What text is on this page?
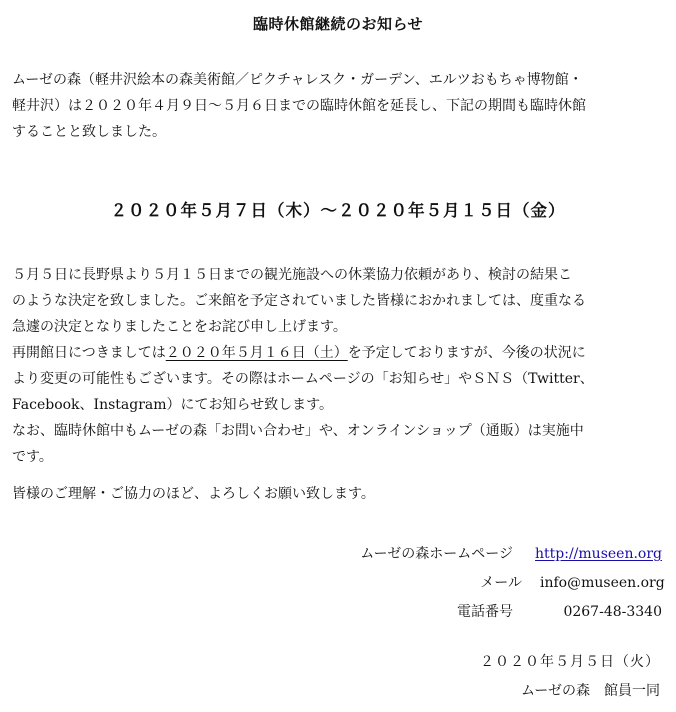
臨時休館継続のお知らせ
ムーゼの森（軽井沢絵本の森美術館／ピクチャレスク・ガーデン、エルツおもちゃ博物館・
軽井沢）は２０２０年４月９日～５月６日までの臨時休館を延長し、下記の期間も臨時休館
することと致しました。
２０２０年５月７日（木）～２０２０年５月１５日（金）
５月５日に長野県より５月１５日までの観光施設への休業協力依頼があり、検討の結果こ
のような決定を致しました。ご来館を予定されていました皆様におかれましては、度重なる
急遽の決定となりましたことをお詫び申し上げます。
再開館日につきましては２０２０年５月１６日（土）を予定しておりますが、今後の状況に
より変更の可能性もございます。その際はホームページの「お知らせ」やＳＮＳ（Twitter、
Facebook、Instagram）にてお知らせ致します。
なお、臨時休館中もムーゼの森「お問い合わせ」や、オンラインショップ（通販）は実施中
です。
皆様のご理解・ご協力のほど、よろしくお願い致します。
ムーゼの森ホームページ http://museen.org
メール info@museen.org
電話番号	0267-48-3340
２０２０年５月５日（火）
ムーゼの森　館員一同
